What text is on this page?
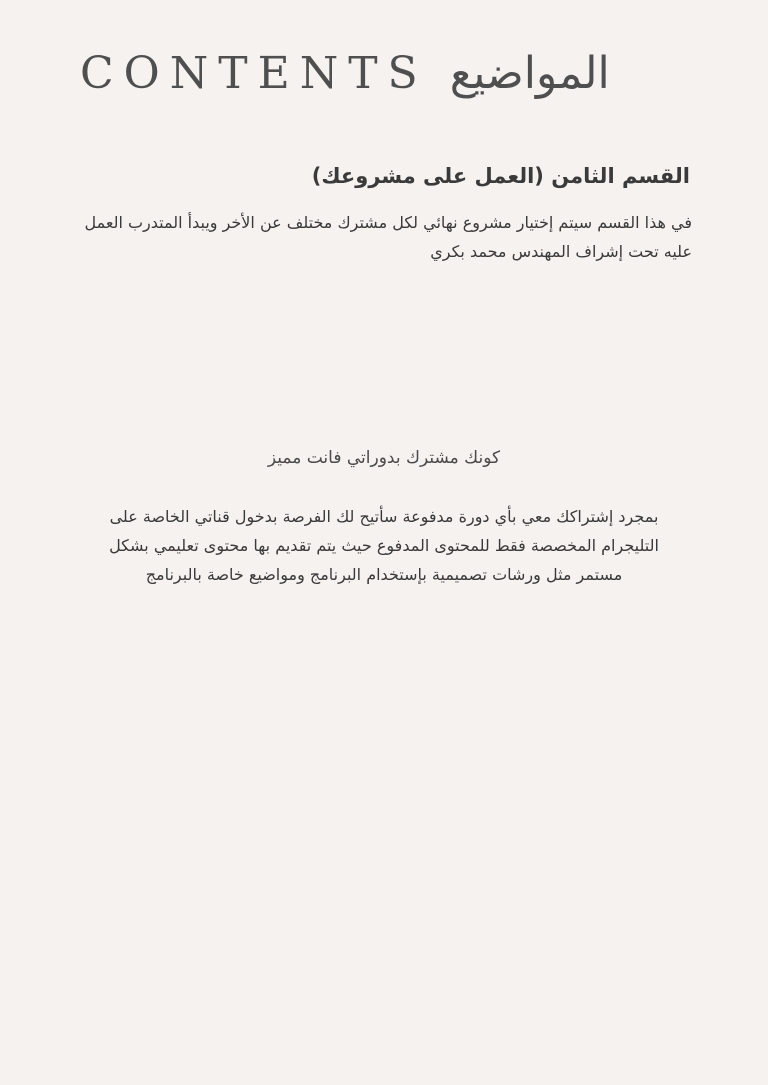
CONTENTS المواضيع
القسم الثامن (العمل على مشروعك)
في هذا القسم سيتم إختيار مشروع نهائي لكل مشترك مختلف عن الأخر ويبدأ المتدرب العمل عليه تحت إشراف المهندس محمد بكري
كونك مشترك بدوراتي فانت مميز
بمجرد إشتراكك معي بأي دورة مدفوعة سأتيح لك الفرصة بدخول قناتي الخاصة على التليجرام المخصصة فقط للمحتوى المدفوع حيث يتم تقديم بها محتوى تعليمي بشكل مستمر مثل ورشات تصميمية بإستخدام البرنامج ومواضيع خاصة بالبرنامج
